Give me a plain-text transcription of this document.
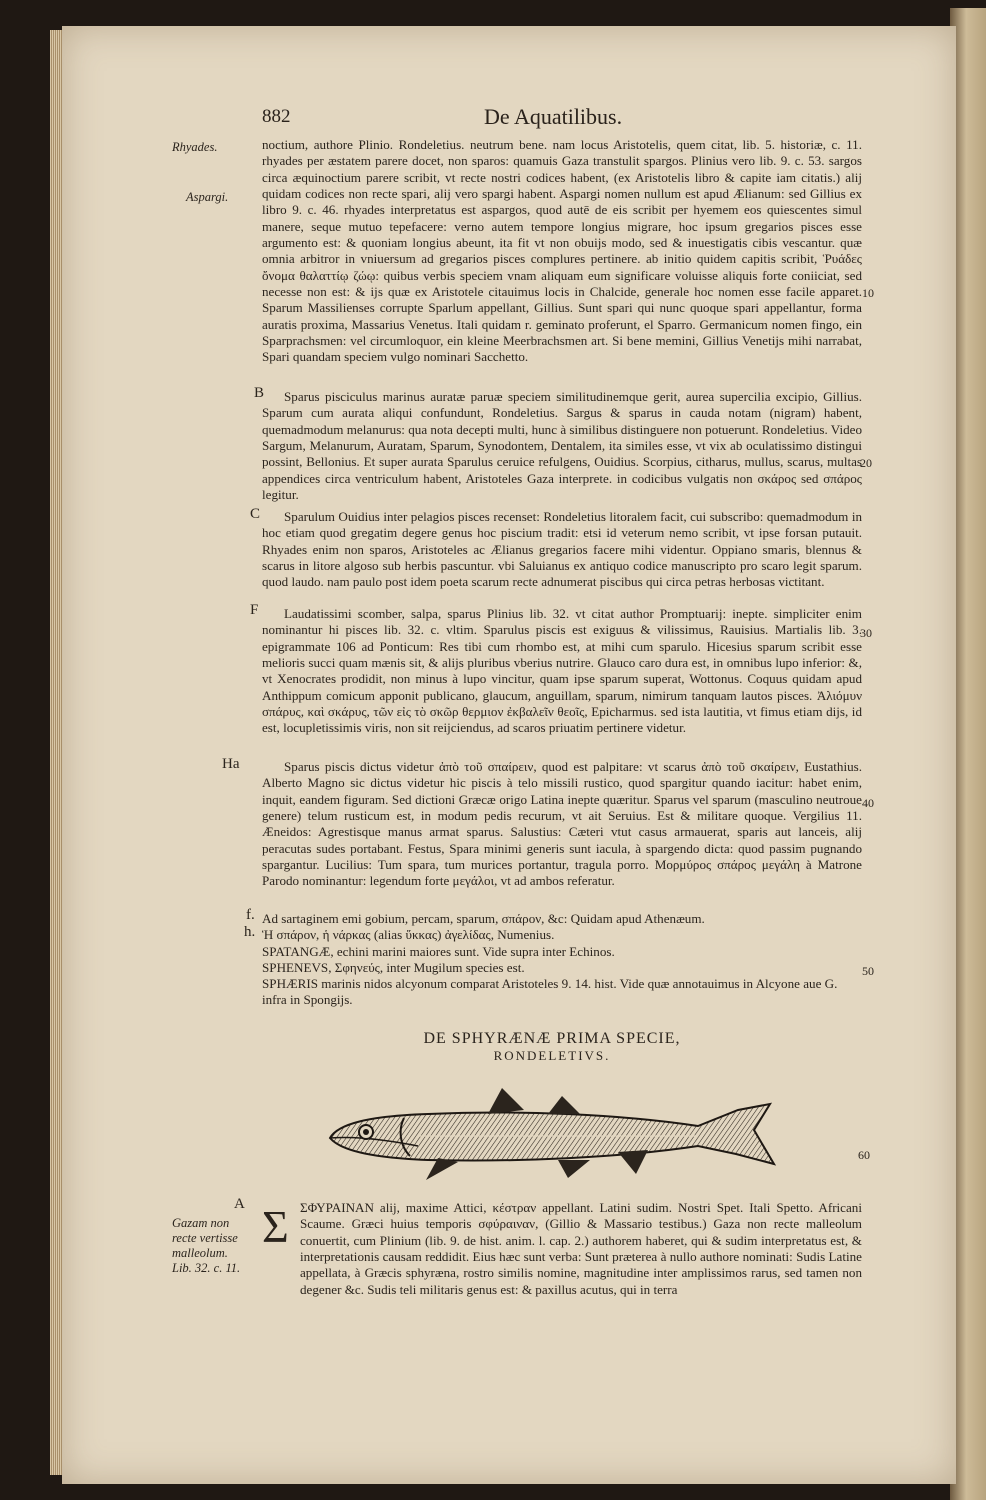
882	De Aquatilibus.
Rhyades.
Aspargi.
10
20
30
40
50
60
B
C
F
Ha
f.
h.
A

noctium, authore Plinio. Rondeletius. neutrum bene. nam locus Aristotelis, quem citat, lib. 5. historiæ, c. 11. rhyades per æstatem parere docet, non sparos: quamuis Gaza transtulit spargos. Plinius vero lib. 9. c. 53. sargos circa æquinoctium parere scribit, vt recte nostri codices habent, (ex Aristotelis libro & capite iam citatis.) alij quidam codices non recte spari, alij vero spargi habent. Aspargi nomen nullum est apud Ælianum: sed Gillius ex libro 9. c. 46. rhyades interpretatus est aspargos, quod autē de eis scribit per hyemem eos quiescentes simul manere, seque mutuo tepefacere: verno autem tempore longius migrare, hoc ipsum gregarios pisces esse argumento est: & quoniam longius abeunt, ita fit vt non obuijs modo, sed & inuestigatis cibis vescantur. quæ omnia arbitror in vniuersum ad gregarios pisces complures pertinere. ab initio quidem capitis scribit, Ῥυάδες ὄνομα θαλαττίῳ ζώῳ: quibus verbis speciem vnam aliquam eum significare voluisse aliquis forte coniiciat, sed necesse non est: & ijs quæ ex Aristotele citauimus locis in Chalcide, generale hoc nomen esse facile apparet. Sparum Massilienses corrupte Sparlum appellant, Gillius. Sunt spari qui nunc quoque spari appellantur, forma auratis proxima, Massarius Venetus. Itali quidam r. geminato proferunt, el Sparro. Germanicum nomen fingo, ein Sparprachsmen: vel circumloquor, ein kleine Meerbrachsmen art. Si bene memini, Gillius Venetijs mihi narrabat, Spari quandam speciem vulgo nominari Sacchetto.

Sparus pisciculus marinus auratæ paruæ speciem similitudinemque gerit, aurea supercilia excipio, Gillius. Sparum cum aurata aliqui confundunt, Rondeletius. Sargus & sparus in cauda notam (nigram) habent, quemadmodum melanurus: qua nota decepti multi, hunc à similibus distinguere non potuerunt. Rondeletius. Video Sargum, Melanurum, Auratam, Sparum, Synodontem, Dentalem, ita similes esse, vt vix ab oculatissimo distingui possint, Bellonius. Et super aurata Sparulus ceruice refulgens, Ouidius. Scorpius, citharus, mullus, scarus, multas appendices circa ventriculum habent, Aristoteles Gaza interprete. in codicibus vulgatis non σκάρος sed σπάρος legitur.

Sparulum Ouidius inter pelagios pisces recenset: Rondeletius litoralem facit, cui subscribo: quemadmodum in hoc etiam quod gregatim degere genus hoc piscium tradit: etsi id veterum nemo scribit, vt ipse forsan putauit. Rhyades enim non sparos, Aristoteles ac Ælianus gregarios facere mihi videntur. Oppiano smaris, blennus & scarus in litore algoso sub herbis pascuntur. vbi Saluianus ex antiquo codice manuscripto pro scaro legit sparum. quod laudo. nam paulo post idem poeta scarum recte adnumerat piscibus qui circa petras herbosas victitant.

Laudatissimi scomber, salpa, sparus Plinius lib. 32. vt citat author Promptuarij: inepte. simpliciter enim nominantur hi pisces lib. 32. c. vltim. Sparulus piscis est exiguus & vilissimus, Rauisius. Martialis lib. 3. epigrammate 106 ad Ponticum: Res tibi cum rhombo est, at mihi cum sparulo. Hicesius sparum scribit esse melioris succi quam mænis sit, & alijs pluribus vberius nutrire. Glauco caro dura est, in omnibus lupo inferior: &, vt Xenocrates prodidit, non minus à lupo vincitur, quam ipse sparum superat, Wottonus. Coquus quidam apud Anthippum comicum apponit publicano, glaucum, anguillam, sparum, nimirum tanquam lautos pisces. Ἀλιόμυν σπάρυς, καὶ σκάρυς, τῶν εἰς τὸ σκῶρ θερμιον ἐκβαλεῖν θεοῖς, Epicharmus. sed ista lautitia, vt fimus etiam dijs, id est, locupletissimis viris, non sit reijciendus, ad scaros priuatim pertinere videtur.

Sparus piscis dictus videtur ἀπὸ τοῦ σπαίρειν, quod est palpitare: vt scarus ἀπὸ τοῦ σκαίρειν, Eustathius. Alberto Magno sic dictus videtur hic piscis à telo missili rustico, quod spargitur quando iacitur: habet enim, inquit, eandem figuram. Sed dictioni Græcæ origo Latina inepte quæritur. Sparus vel sparum (masculino neutroue genere) telum rusticum est, in modum pedis recurum, vt ait Seruius. Est & militare quoque. Vergilius 11. Æneidos: Agrestisque manus armat sparus. Salustius: Cæteri vtut casus armauerat, sparis aut lanceis, alij peracutas sudes portabant. Festus, Spara minimi generis sunt iacula, à spargendo dicta: quod passim pugnando spargantur. Lucilius: Tum spara, tum murices portantur, tragula porro. Μορμύρος σπάρος μεγάλη à Matrone Parodo nominantur: legendum forte μεγάλοι, vt ad ambos referatur.

Ad sartaginem emi gobium, percam, sparum, σπάρον, &c: Quidam apud Athenæum.
Ἡ σπάρον, ἡ νάρκας (alias ὕκκας) ἀγελίδας, Numenius.
SPATANGÆ, echini marini maiores sunt. Vide supra inter Echinos.
SPHENEVS, Σφηνεύς, inter Mugilum species est.
SPHÆRIS marinis nidos alcyonum comparat Aristoteles 9. 14. hist. Vide quæ annotauimus in Alcyone aue G. infra in Spongijs.
DE SPHYRÆNÆ PRIMA SPECIE,
RONDELETIVS.
Σ
Gazam non
recte vertisse
malleolum.
Lib. 32. c. 11.

ΣΦΥΡΑΙΝΑΝ alij, maxime Attici, κέστραν appellant. Latini sudim. Nostri Spet. Itali Spetto. Africani Scaume. Græci huius temporis σφύραιναν, (Gillio & Massario testibus.) Gaza non recte malleolum conuertit, cum Plinium (lib. 9. de hist. anim. l. cap. 2.) authorem haberet, qui & sudim interpretatus est, & interpretationis causam reddidit. Eius hæc sunt verba: Sunt præterea à nullo authore nominati: Sudis Latine appellata, à Græcis sphyræna, rostro similis nomine, magnitudine inter amplissimos rarus, sed tamen non degener &c. Sudis teli militaris genus est: & paxillus acutus, qui in terra
